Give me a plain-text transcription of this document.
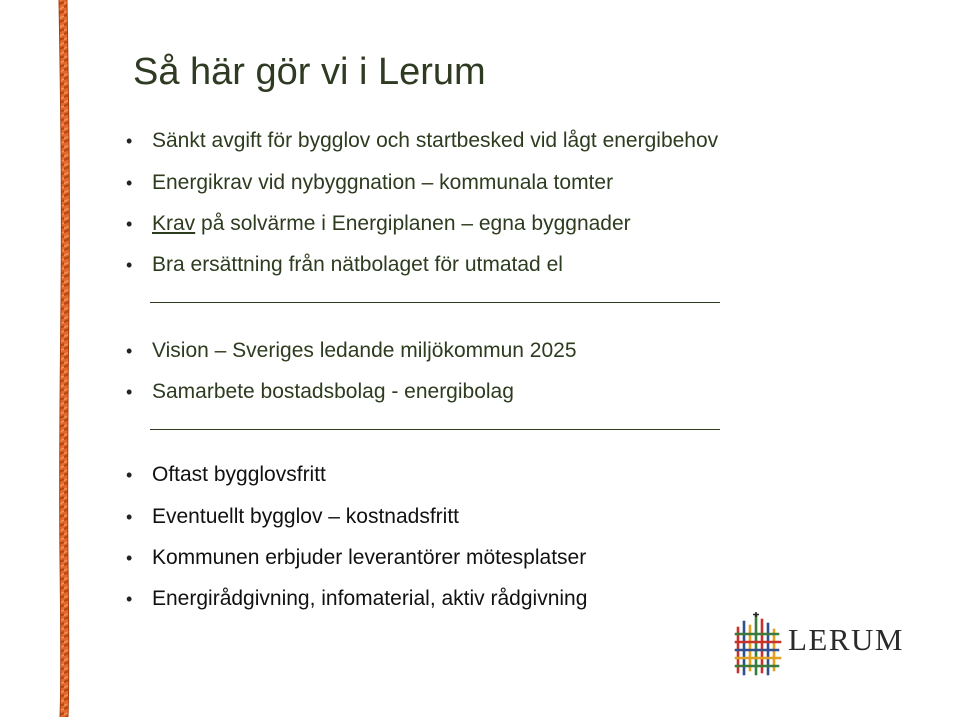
Så här gör vi i Lerum
• Sänkt avgift för bygglov och startbesked vid lågt energibehov
• Energikrav vid nybyggnation – kommunala tomter
• Krav på solvärme i Energiplanen – egna byggnader
• Bra ersättning från nätbolaget för utmatad el
• Vision – Sveriges ledande miljökommun 2025
• Samarbete bostadsbolag - energibolag
• Oftast bygglovsfritt
• Eventuellt bygglov – kostnadsfritt
• Kommunen erbjuder leverantörer mötesplatser
• Energirådgivning, infomaterial, aktiv rådgivning
LERUM
